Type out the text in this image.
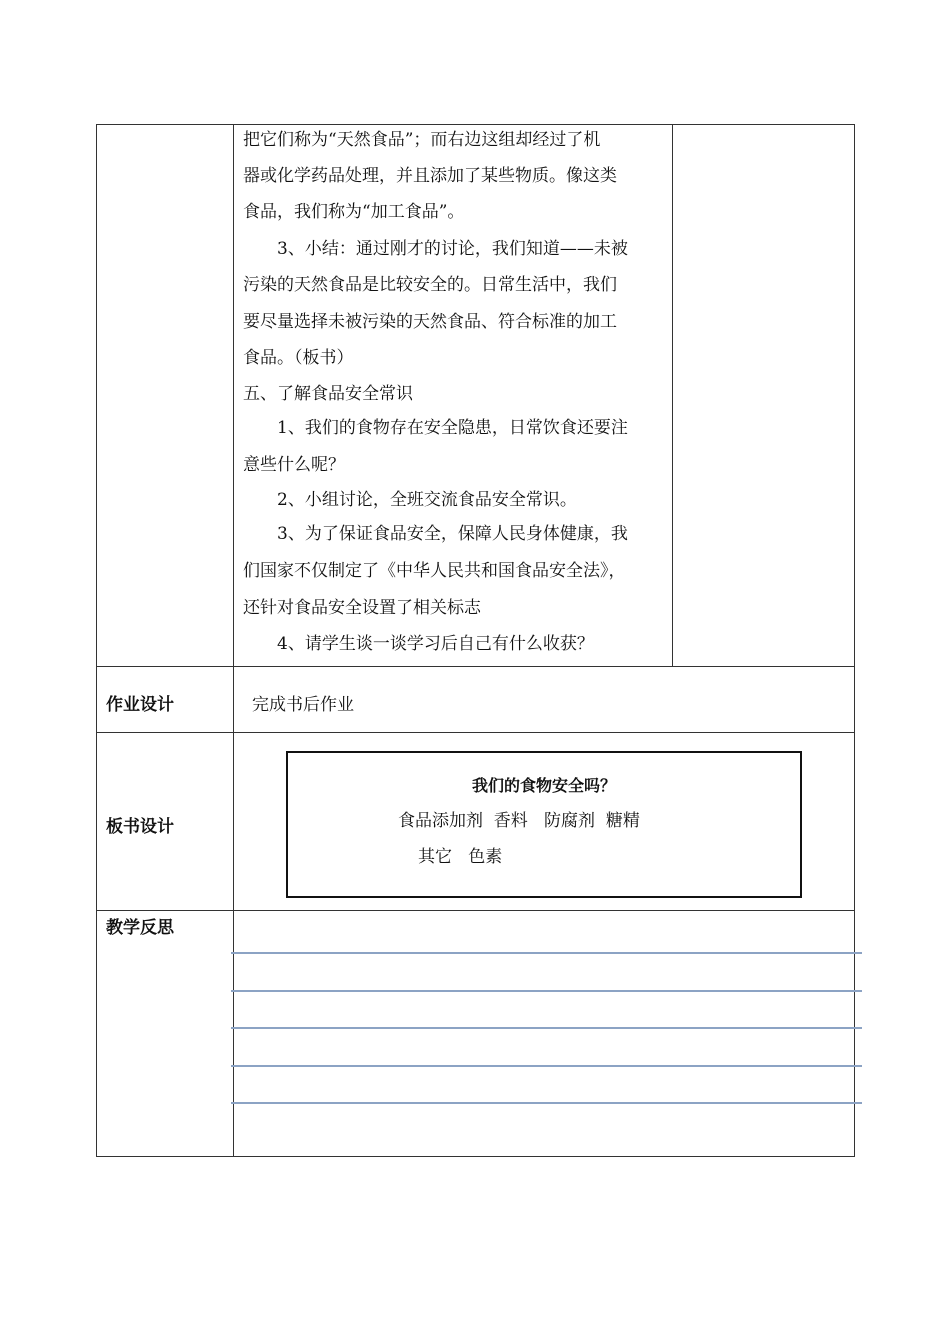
把它们称为“天然食品”；而右边这组却经过了机
器或化学药品处理，并且添加了某些物质。像这类
食品，我们称为“加工食品”。
　　3、小结：通过刚才的讨论，我们知道——未被
污染的天然食品是比较安全的。日常生活中，我们
要尽量选择未被污染的天然食品、符合标准的加工
食品。（板书）
五、了解食品安全常识
　　1、我们的食物存在安全隐患，日常饮食还要注
意些什么呢？
　　2、小组讨论，全班交流食品安全常识。
　　3、为了保证食品安全，保障人民身体健康，我
们国家不仅制定了《中华人民共和国食品安全法》，
还针对食品安全设置了相关标志
　　4、请学生谈一谈学习后自己有什么收获？
作业设计	完成书后作业
板书设计
我们的食物安全吗？
食品添加剂  香料   防腐剂  糖精
其它   色素
教学反思
